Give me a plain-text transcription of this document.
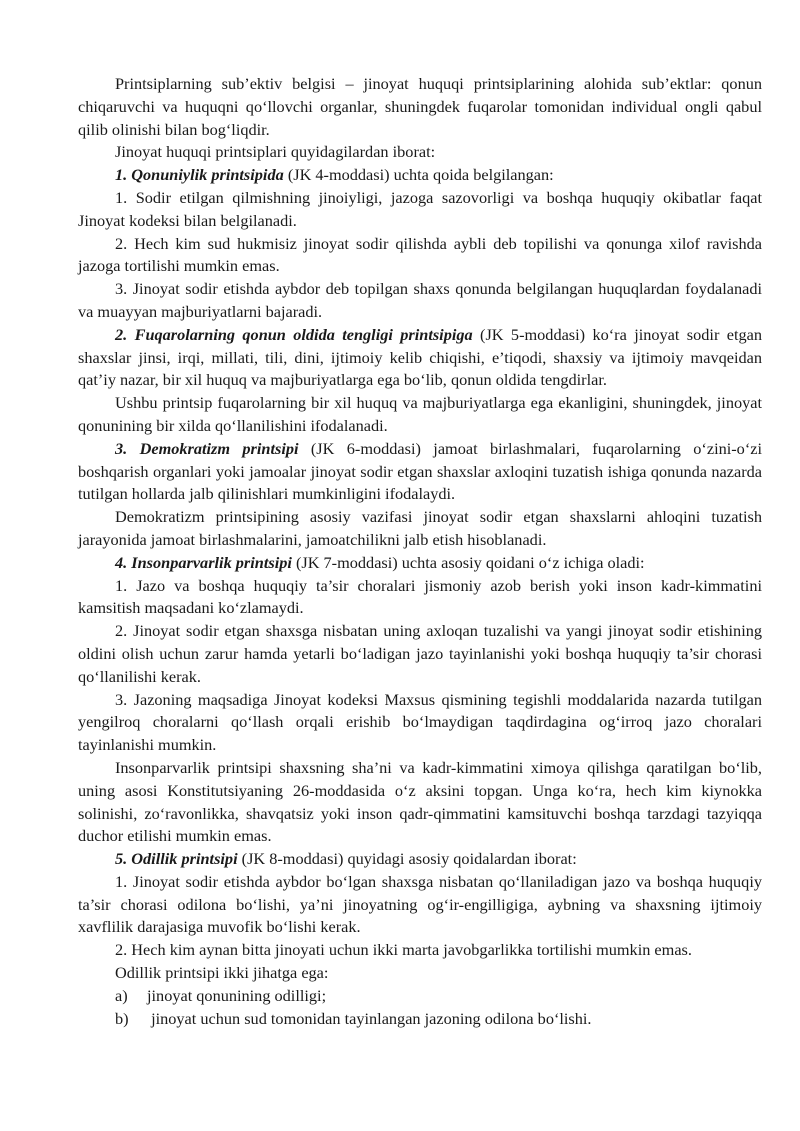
Printsiplarning sub’ektiv belgisi – jinoyat huquqi printsiplarining alohida sub’ektlar: qonun chiqaruvchi va huquqni qo‘llovchi organlar, shuningdek fuqarolar tomonidan individual ongli qabul qilib olinishi bilan bog‘liqdir.

Jinoyat huquqi printsiplari quyidagilardan iborat:

1. Qonuniylik printsipida (JK 4-moddasi) uchta qoida belgilangan:

1. Sodir etilgan qilmishning jinoiyligi, jazoga sazovorligi va boshqa huquqiy okibatlar faqat Jinoyat kodeksi bilan belgilanadi.

2. Hech kim sud hukmisiz jinoyat sodir qilishda aybli deb topilishi va qonunga xilof ravishda jazoga tortilishi mumkin emas.

3. Jinoyat sodir etishda aybdor deb topilgan shaxs qonunda belgilangan huquqlardan foydalanadi va muayyan majburiyatlarni bajaradi.

2. Fuqarolarning qonun oldida tengligi printsipiga (JK 5-moddasi) ko‘ra jinoyat sodir etgan shaxslar jinsi, irqi, millati, tili, dini, ijtimoiy kelib chiqishi, e’tiqodi, shaxsiy va ijtimoiy mavqeidan qat’iy nazar, bir xil huquq va majburiyatlarga ega bo‘lib, qonun oldida tengdirlar.

Ushbu printsip fuqarolarning bir xil huquq va majburiyatlarga ega ekanligini, shuningdek, jinoyat qonunining bir xilda qo‘llanilishini ifodalanadi.

3. Demokratizm printsipi (JK 6-moddasi) jamoat birlashmalari, fuqarolarning o‘zini-o‘zi boshqarish organlari yoki jamoalar jinoyat sodir etgan shaxslar axloqini tuzatish ishiga qonunda nazarda tutilgan hollarda jalb qilinishlari mumkinligini ifodalaydi.

Demokratizm printsipining asosiy vazifasi jinoyat sodir etgan shaxslarni ahloqini tuzatish jarayonida jamoat birlashmalarini, jamoatchilikni jalb etish hisoblanadi.

4. Insonparvarlik printsipi (JK 7-moddasi) uchta asosiy qoidani o‘z ichiga oladi:

1. Jazo va boshqa huquqiy ta’sir choralari jismoniy azob berish yoki inson kadr-kimmatini kamsitish maqsadani ko‘zlamaydi.

2. Jinoyat sodir etgan shaxsga nisbatan uning axloqan tuzalishi va yangi jinoyat sodir etishining oldini olish uchun zarur hamda yetarli bo‘ladigan jazo tayinlanishi yoki boshqa huquqiy ta’sir chorasi qo‘llanilishi kerak.

3. Jazoning maqsadiga Jinoyat kodeksi Maxsus qismining tegishli moddalarida nazarda tutilgan yengilroq choralarni qo‘llash orqali erishib bo‘lmaydigan taqdirdagina og‘irroq jazo choralari tayinlanishi mumkin.

Insonparvarlik printsipi shaxsning sha’ni va kadr-kimmatini ximoya qilishga qaratilgan bo‘lib, uning asosi Konstitutsiyaning 26-moddasida o‘z aksini topgan. Unga ko‘ra, hech kim kiynokka solinishi, zo‘ravonlikka, shavqatsiz yoki inson qadr-qimmatini kamsituvchi boshqa tarzdagi tazyiqqa duchor etilishi mumkin emas.

5. Odillik printsipi (JK 8-moddasi) quyidagi asosiy qoidalardan iborat:

1. Jinoyat sodir etishda aybdor bo‘lgan shaxsga nisbatan qo‘llaniladigan jazo va boshqa huquqiy ta’sir chorasi odilona bo‘lishi, ya’ni jinoyatning og‘ir-engilligiga, aybning va shaxsning ijtimoiy xavflilik darajasiga muvofik bo‘lishi kerak.

2. Hech kim aynan bitta jinoyati uchun ikki marta javobgarlikka tortilishi mumkin emas.

Odillik printsipi ikki jihatga ega:

a) jinoyat qonunining odilligi;

b) jinoyat uchun sud tomonidan tayinlangan jazoning odilona bo‘lishi.
